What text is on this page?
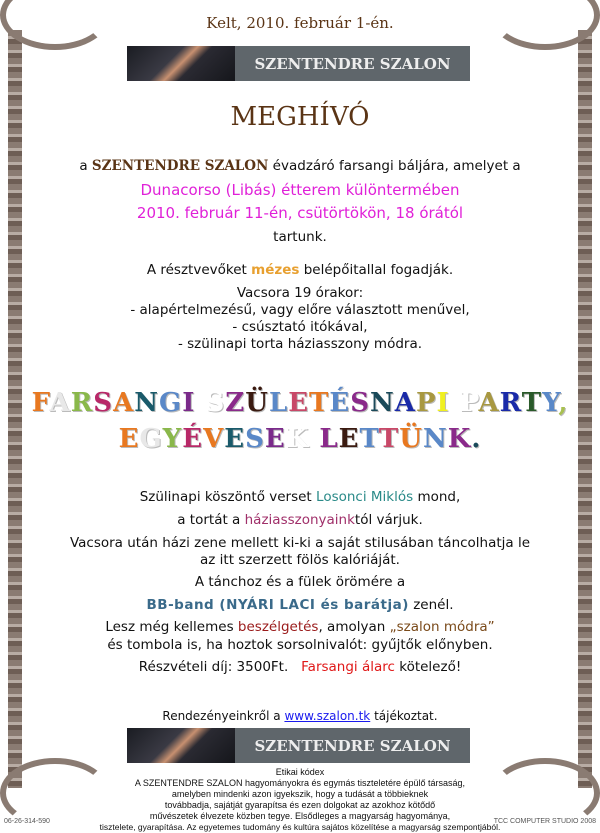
Kelt, 2010. február 1-én.
SZENTENDRE SZALON
MEGHÍVÓ
a SZENTENDRE SZALON évadzáró farsangi báljára, amelyet a
Dunacorso (Libás) étterem különtermében
2010. február 11-én, csütörtökön, 18 órától
tartunk.
A résztvevőket mézes belépőitallal fogadják.
Vacsora 19 órakor:
- alapértelmezésű, vagy előre választott menűvel,
- csúsztató itókával,
- szülinapi torta háziasszony módra.
FARSANGI SZÜLETÉSNAPI PARTY,
EGYÉVESEK LETTÜNK.
Szülinapi köszöntő verset Losonci Miklós mond,
a tortát a háziasszonyainktól várjuk.
Vacsora után házi zene mellett ki-ki a saját stilusában táncolhatja le
az itt szerzett fölös kalóriáját.
A tánchoz és a fülek örömére a
BB-band (NYÁRI LACI és barátja) zenél.
Lesz még kellemes beszélgetés, amolyan „szalon módra”
és tombola is, ha hoztok sorsolnivalót: gyűjtők előnyben.
Részvételi díj: 3500Ft. Farsangi álarc kötelező!
Rendezényeinkről a www.szalon.tk tájékoztat.
SZENTENDRE SZALON
Etikai kódex
A SZENTENDRE SZALON hagyományokra és egymás tiszteletére épülő társaság,
amelyben mindenki azon igyekszik, hogy a tudását a többieknek
továbbadja, sajátját gyarapítsa és ezen dolgokat az azokhoz kötődő
művészetek élvezete közben tegye. Elsődleges a magyarság hagyománya,
tisztelete, gyarapítása. Az egyetemes tudomány és kultúra sajátos közelítése a magyarság szempontjából.
06-26-314-590	TCC COMPUTER STUDIO 2008
